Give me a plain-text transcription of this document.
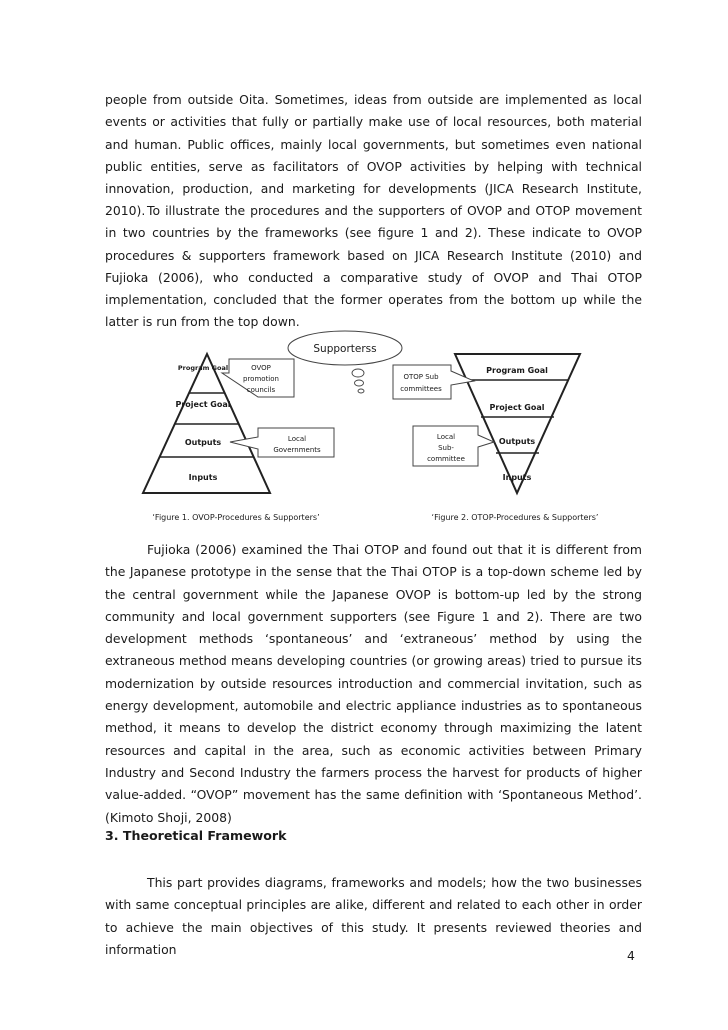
people from outside Oita. Sometimes, ideas from outside are implemented as local events or activities that fully or partially make use of local resources, both material and human. Public offices, mainly local governments, but sometimes even national public entities, serve as facilitators of OVOP activities by helping with technical innovation, production, and marketing for developments (JICA Research Institute, 2010). To illustrate the procedures and the supporters of OVOP and OTOP movement in two countries by the frameworks (see figure 1 and 2). These indicate to OVOP procedures & supporters framework based on JICA Research Institute (2010) and Fujioka (2006), who conducted a comparative study of OVOP and Thai OTOP implementation, concluded that the former operates from the bottom up while the latter is run from the top down.

Supporterss
Program Goal
Project Goal
Outputs
Inputs
OVOP
promotion
councils
Local
Governments
Program Goal
Project Goal
Outputs
Inputs
OTOP Sub
committees
Local
Sub-
committee
‘Figure 1. OVOP-Procedures & Supporters’	‘Figure 2. OTOP-Procedures & Supporters’

Fujioka (2006) examined the Thai OTOP and found out that it is different from the Japanese prototype in the sense that the Thai OTOP is a top-down scheme led by the central government while the Japanese OVOP is bottom-up led by the strong community and local government supporters (see Figure 1 and 2). There are two development methods ‘spontaneous’ and ‘extraneous’ method by using the extraneous method means developing countries (or growing areas) tried to pursue its modernization by outside resources introduction and commercial invitation, such as energy development, automobile and electric appliance industries as to spontaneous method, it means to develop the district economy through maximizing the latent resources and capital in the area, such as economic activities between Primary Industry and Second Industry the farmers process the harvest for products of higher value-added. “OVOP” movement has the same definition with ‘Spontaneous Method’. (Kimoto Shoji, 2008)

3. Theoretical Framework

This part provides diagrams, frameworks and models; how the two businesses with same conceptual principles are alike, different and related to each other in order to achieve the main objectives of this study. It presents reviewed theories and information	4
